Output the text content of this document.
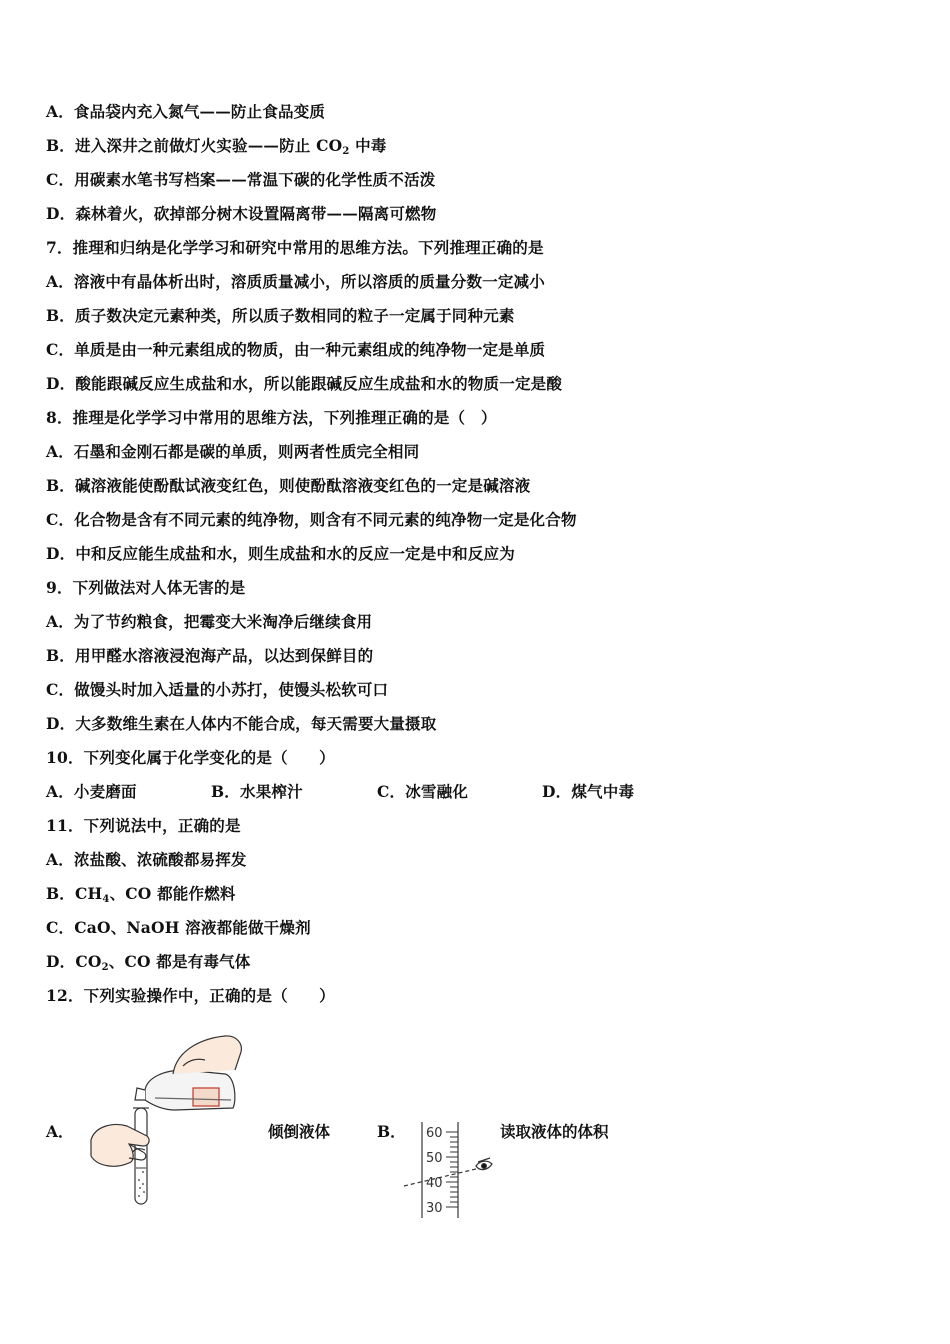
A．食品袋内充入氮气——防止食品变质
B．进入深井之前做灯火实验——防止 $CO_2$ 中毒
C．用碳素水笔书写档案——常温下碳的化学性质不活泼
D．森林着火，砍掉部分树木设置隔离带——隔离可燃物
7．推理和归纳是化学学习和研究中常用的思维方法。下列推理正确的是
A．溶液中有晶体析出时，溶质质量减小，所以溶质的质量分数一定减小
B．质子数决定元素种类，所以质子数相同的粒子一定属于同种元素
C．单质是由一种元素组成的物质，由一种元素组成的纯净物一定是单质
D．酸能跟碱反应生成盐和水，所以能跟碱反应生成盐和水的物质一定是酸
8．推理是化学学习中常用的思维方法，下列推理正确的是（　）
A．石墨和金刚石都是碳的单质，则两者性质完全相同
B．碱溶液能使酚酞试液变红色，则使酚酞溶液变红色的一定是碱溶液
C．化合物是含有不同元素的纯净物，则含有不同元素的纯净物一定是化合物
D．中和反应能生成盐和水，则生成盐和水的反应一定是中和反应为
9．下列做法对人体无害的是
A．为了节约粮食，把霉变大米淘净后继续食用
B．用甲醛水溶液浸泡海产品，以达到保鲜目的
C．做馒头时加入适量的小苏打，使馒头松软可口
D．大多数维生素在人体内不能合成，每天需要大量摄取
10．下列变化属于化学变化的是（　　）
A．小麦磨面	B．水果榨汁	C．冰雪融化	D．煤气中毒
11．下列说法中，正确的是
A．浓盐酸、浓硫酸都易挥发
B．$CH_4$、CO 都能作燃料
C．CaO、NaOH 溶液都能做干燥剂
D．$CO_2$、CO 都是有毒气体
12．下列实验操作中，正确的是（　　）
A．	倾倒液体	B． 60
50
40
30
读取液体的体积
